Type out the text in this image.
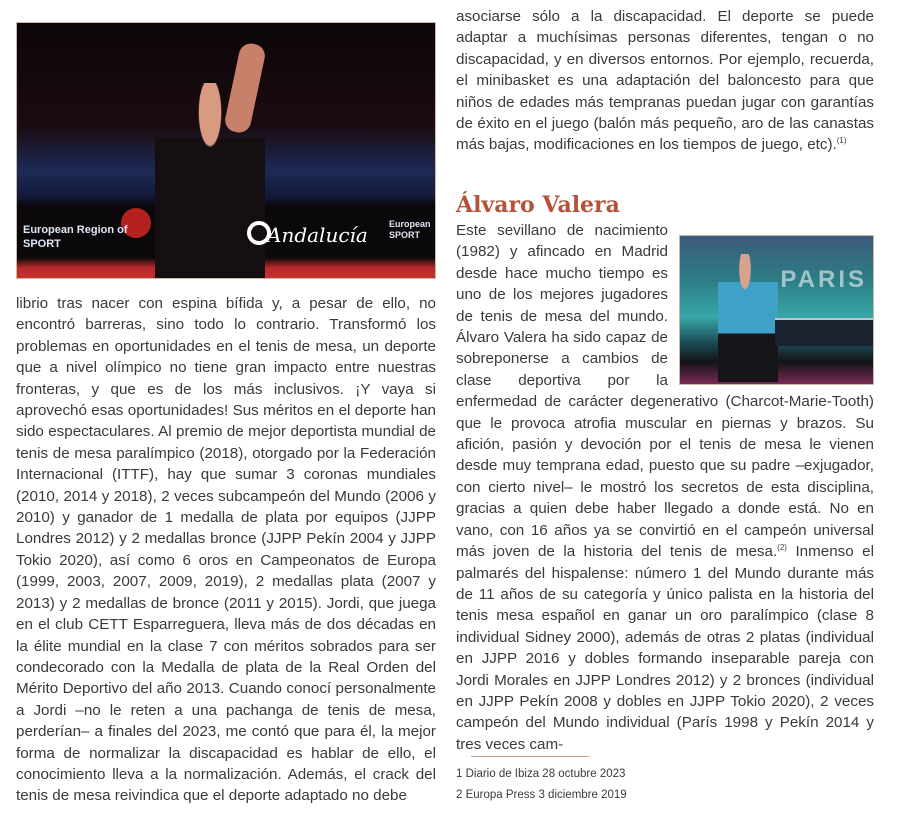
European Region of
SPORT	Andalucía European
SPORT

librio tras nacer con espina bífida y, a pesar de ello, no encontró barreras, sino todo lo contrario. Transformó los problemas en oportunidades en el tenis de mesa, un deporte que a nivel olímpico no tiene gran impacto entre nuestras fronteras, y que es de los más inclusivos. ¡Y vaya si aprovechó esas oportunidades! Sus méritos en el deporte han sido espectaculares. Al premio de mejor deportista mundial de tenis de mesa paralímpico (2018), otorgado por la Federación Internacional (ITTF), hay que sumar 3 coronas mundiales (2010, 2014 y 2018), 2 veces subcampeón del Mundo (2006 y 2010) y ganador de 1 medalla de plata por equipos (JJPP Londres 2012) y 2 medallas bronce (JJPP Pekín 2004 y JJPP Tokio 2020), así como 6 oros en Campeonatos de Europa (1999, 2003, 2007, 2009, 2019), 2 medallas plata (2007 y 2013) y 2 medallas de bronce (2011 y 2015). Jordi, que juega en el club CETT Esparreguera, lleva más de dos décadas en la élite mundial en la clase 7 con méritos sobrados para ser condecorado con la Medalla de plata de la Real Orden del Mérito Deportivo del año 2013. Cuando conocí personalmente a Jordi –no le reten a una pachanga de tenis de mesa, perderían– a finales del 2023, me contó que para él, la mejor forma de normalizar la discapacidad es hablar de ello, el conocimiento lleva a la normalización. Además, el crack del tenis de mesa reivindica que el deporte adaptado no debe

asociarse sólo a la discapacidad. El deporte se puede adaptar a muchísimas personas diferentes, tengan o no discapacidad, y en diversos entornos. Por ejemplo, recuerda, el minibasket es una adaptación del baloncesto para que niños de edades más tempranas puedan jugar con garantías de éxito en el juego (balón más pequeño, aro de las canastas más bajas, modificaciones en los tiempos de juego, etc).$^{(1)}$

Álvaro Valera

Este sevillano de nacimiento (1982) y afincado en Madrid desde hace mucho tiempo es uno de los mejores jugadores de tenis de mesa del mundo. Álvaro Valera ha sido capaz de sobreponerse a cambios de clase deportiva por la enfermedad de carácter degenerativo (Charcot-Marie-Tooth) que le provoca atrofia muscular en piernas y brazos. Su afición, pasión y devoción por el tenis de mesa le vienen desde muy temprana edad, puesto que su padre –exjugador, con cierto nivel– le mostró los secretos de esta disciplina, gracias a quien debe haber llegado a donde está. No en vano, con 16 años ya se convirtió en el campeón universal más joven de la historia del tenis de mesa.$^{(2)}$ Inmenso el palmarés del hispalense: número 1 del Mundo durante más de 11 años de su categoría y único palista en la historia del tenis mesa español en ganar un oro paralímpico (clase 8 individual Sidney 2000), además de otras 2 platas (individual en JJPP 2016 y dobles formando inseparable pareja con Jordi Morales en JJPP Londres 2012) y 2 bronces (individual en JJPP Pekín 2008 y dobles en JJPP Tokio 2020), 2 veces campeón del Mundo individual (París 1998 y Pekín 2014 y tres veces cam-

PARIS
1 Diario de Ibiza 28 octubre 2023
2 Europa Press 3 diciembre 2019
